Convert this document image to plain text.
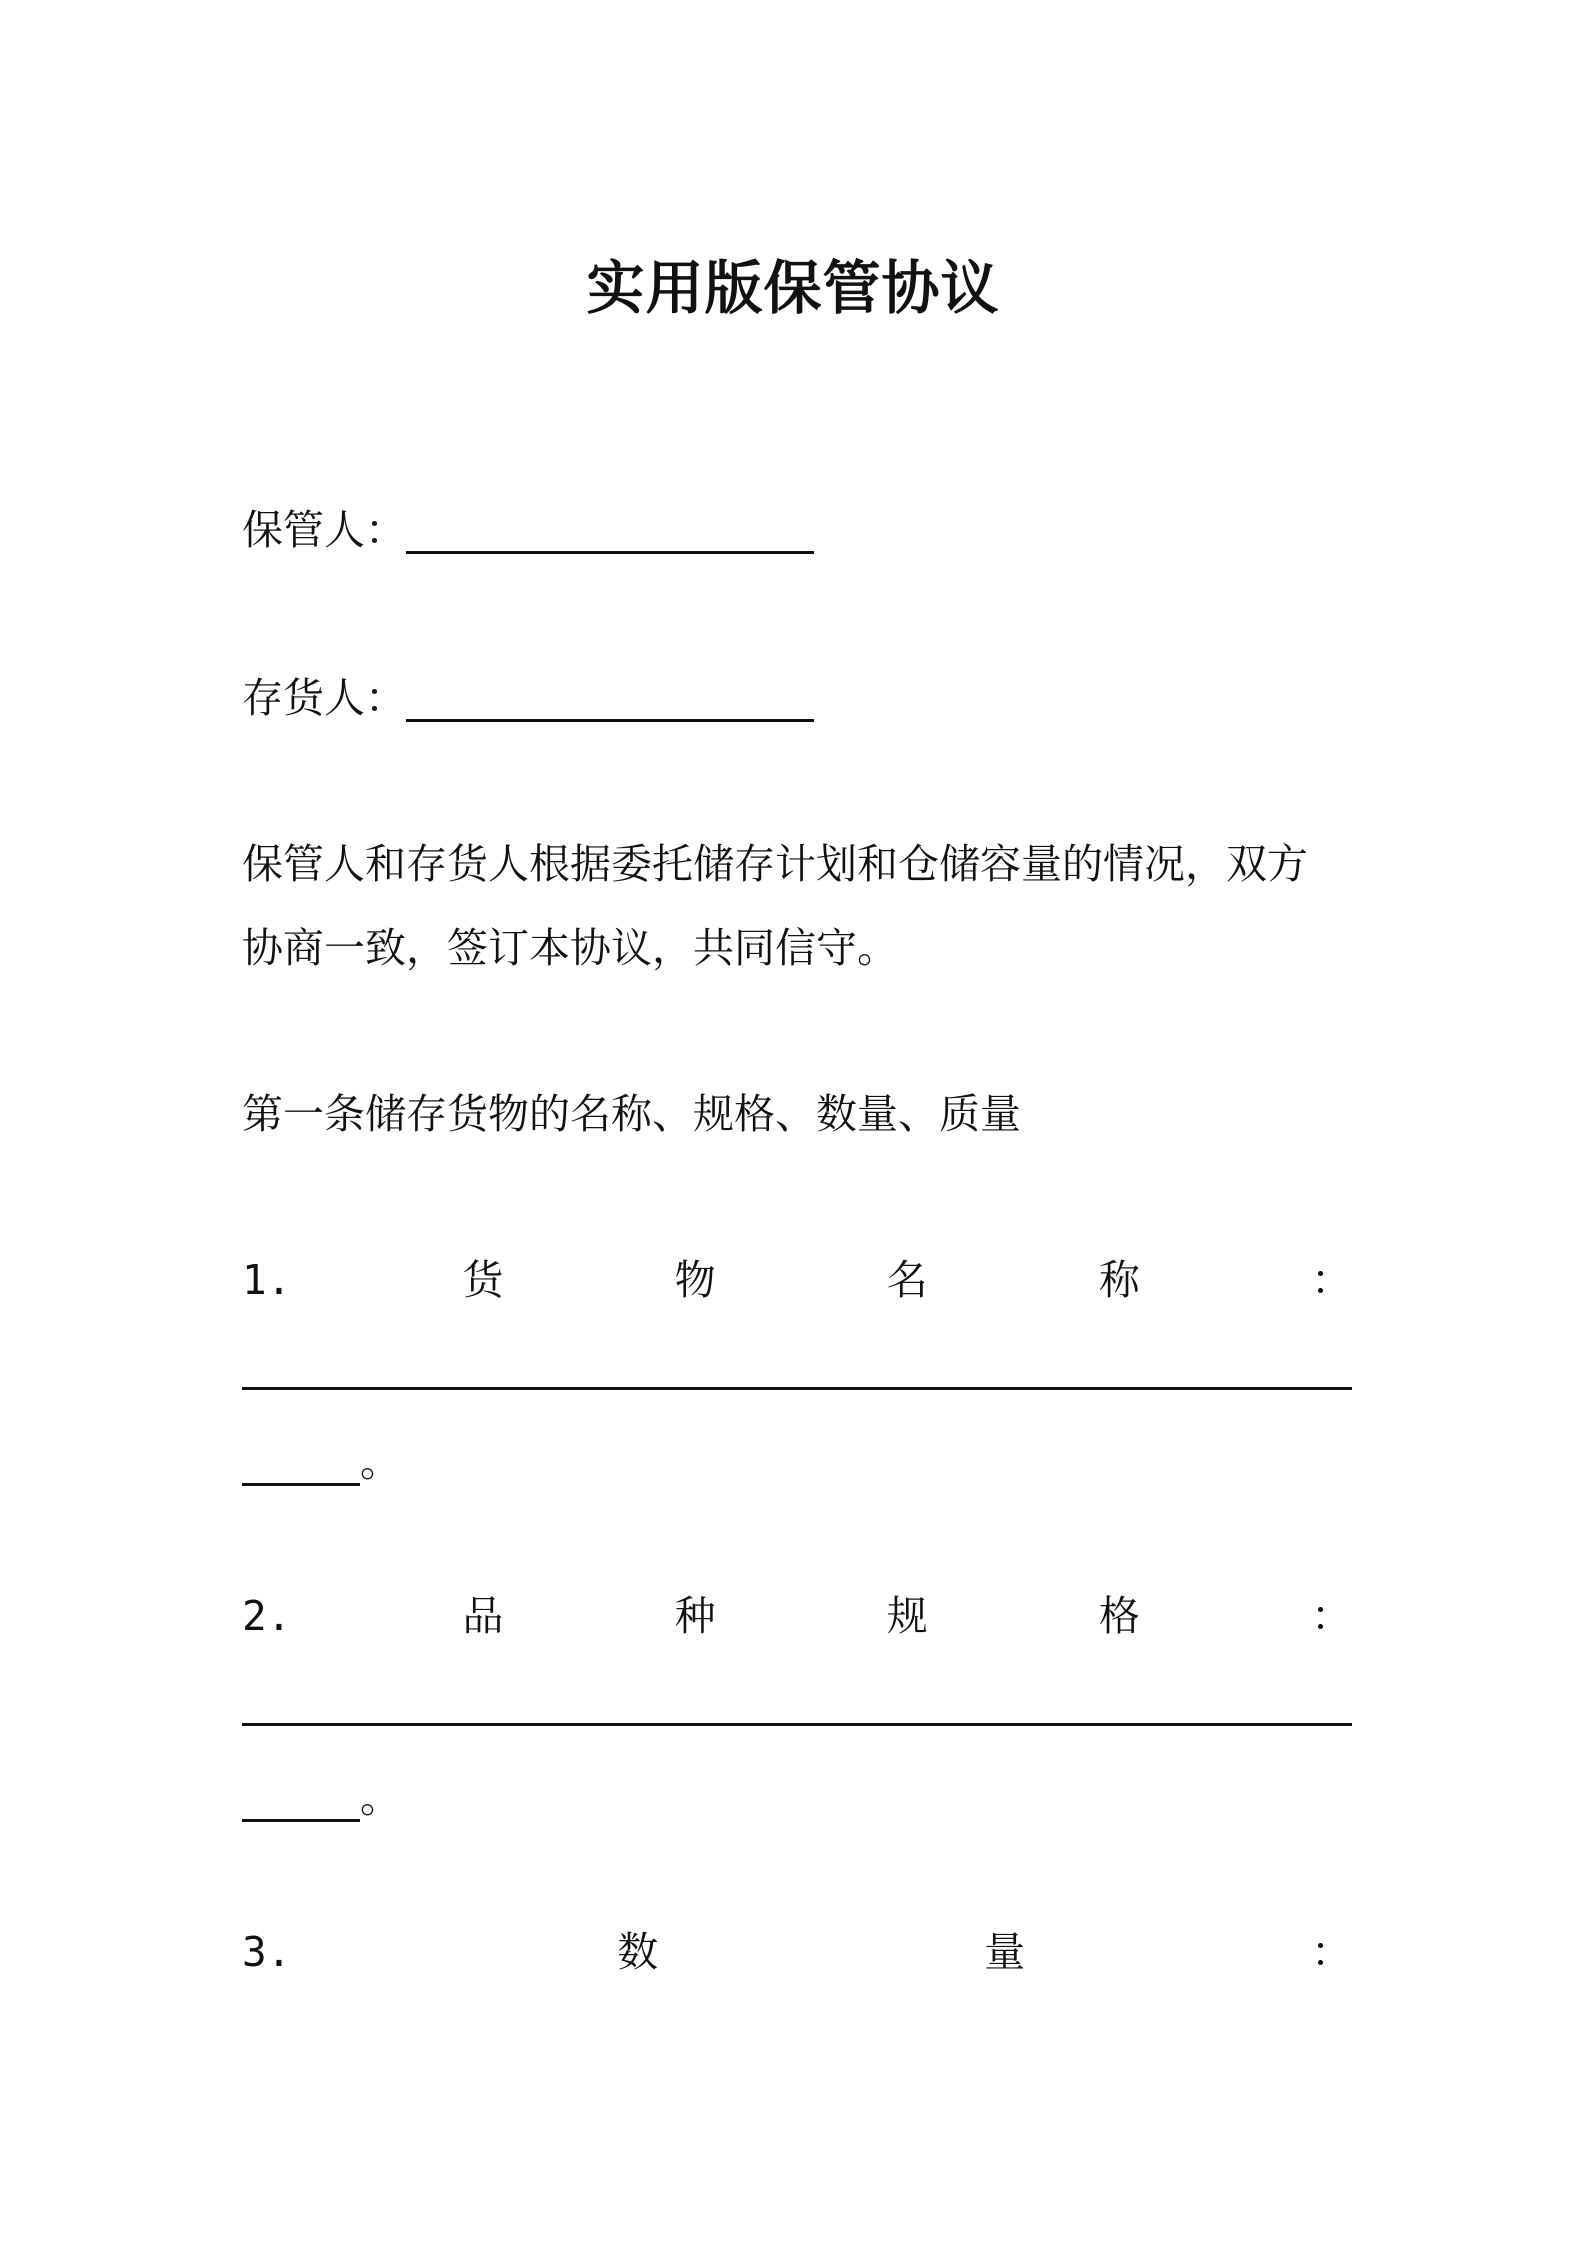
实用版保管协议
保管人：
存货人：
保管人和存货人根据委托储存计划和仓储容量的情况，双方
协商一致，签订本协议，共同信守。
第一条储存货物的名称、规格、数量、质量
1.	货	物	名	称	：
。
2.	品	种	规	格	：
。
3.	数	量	：
